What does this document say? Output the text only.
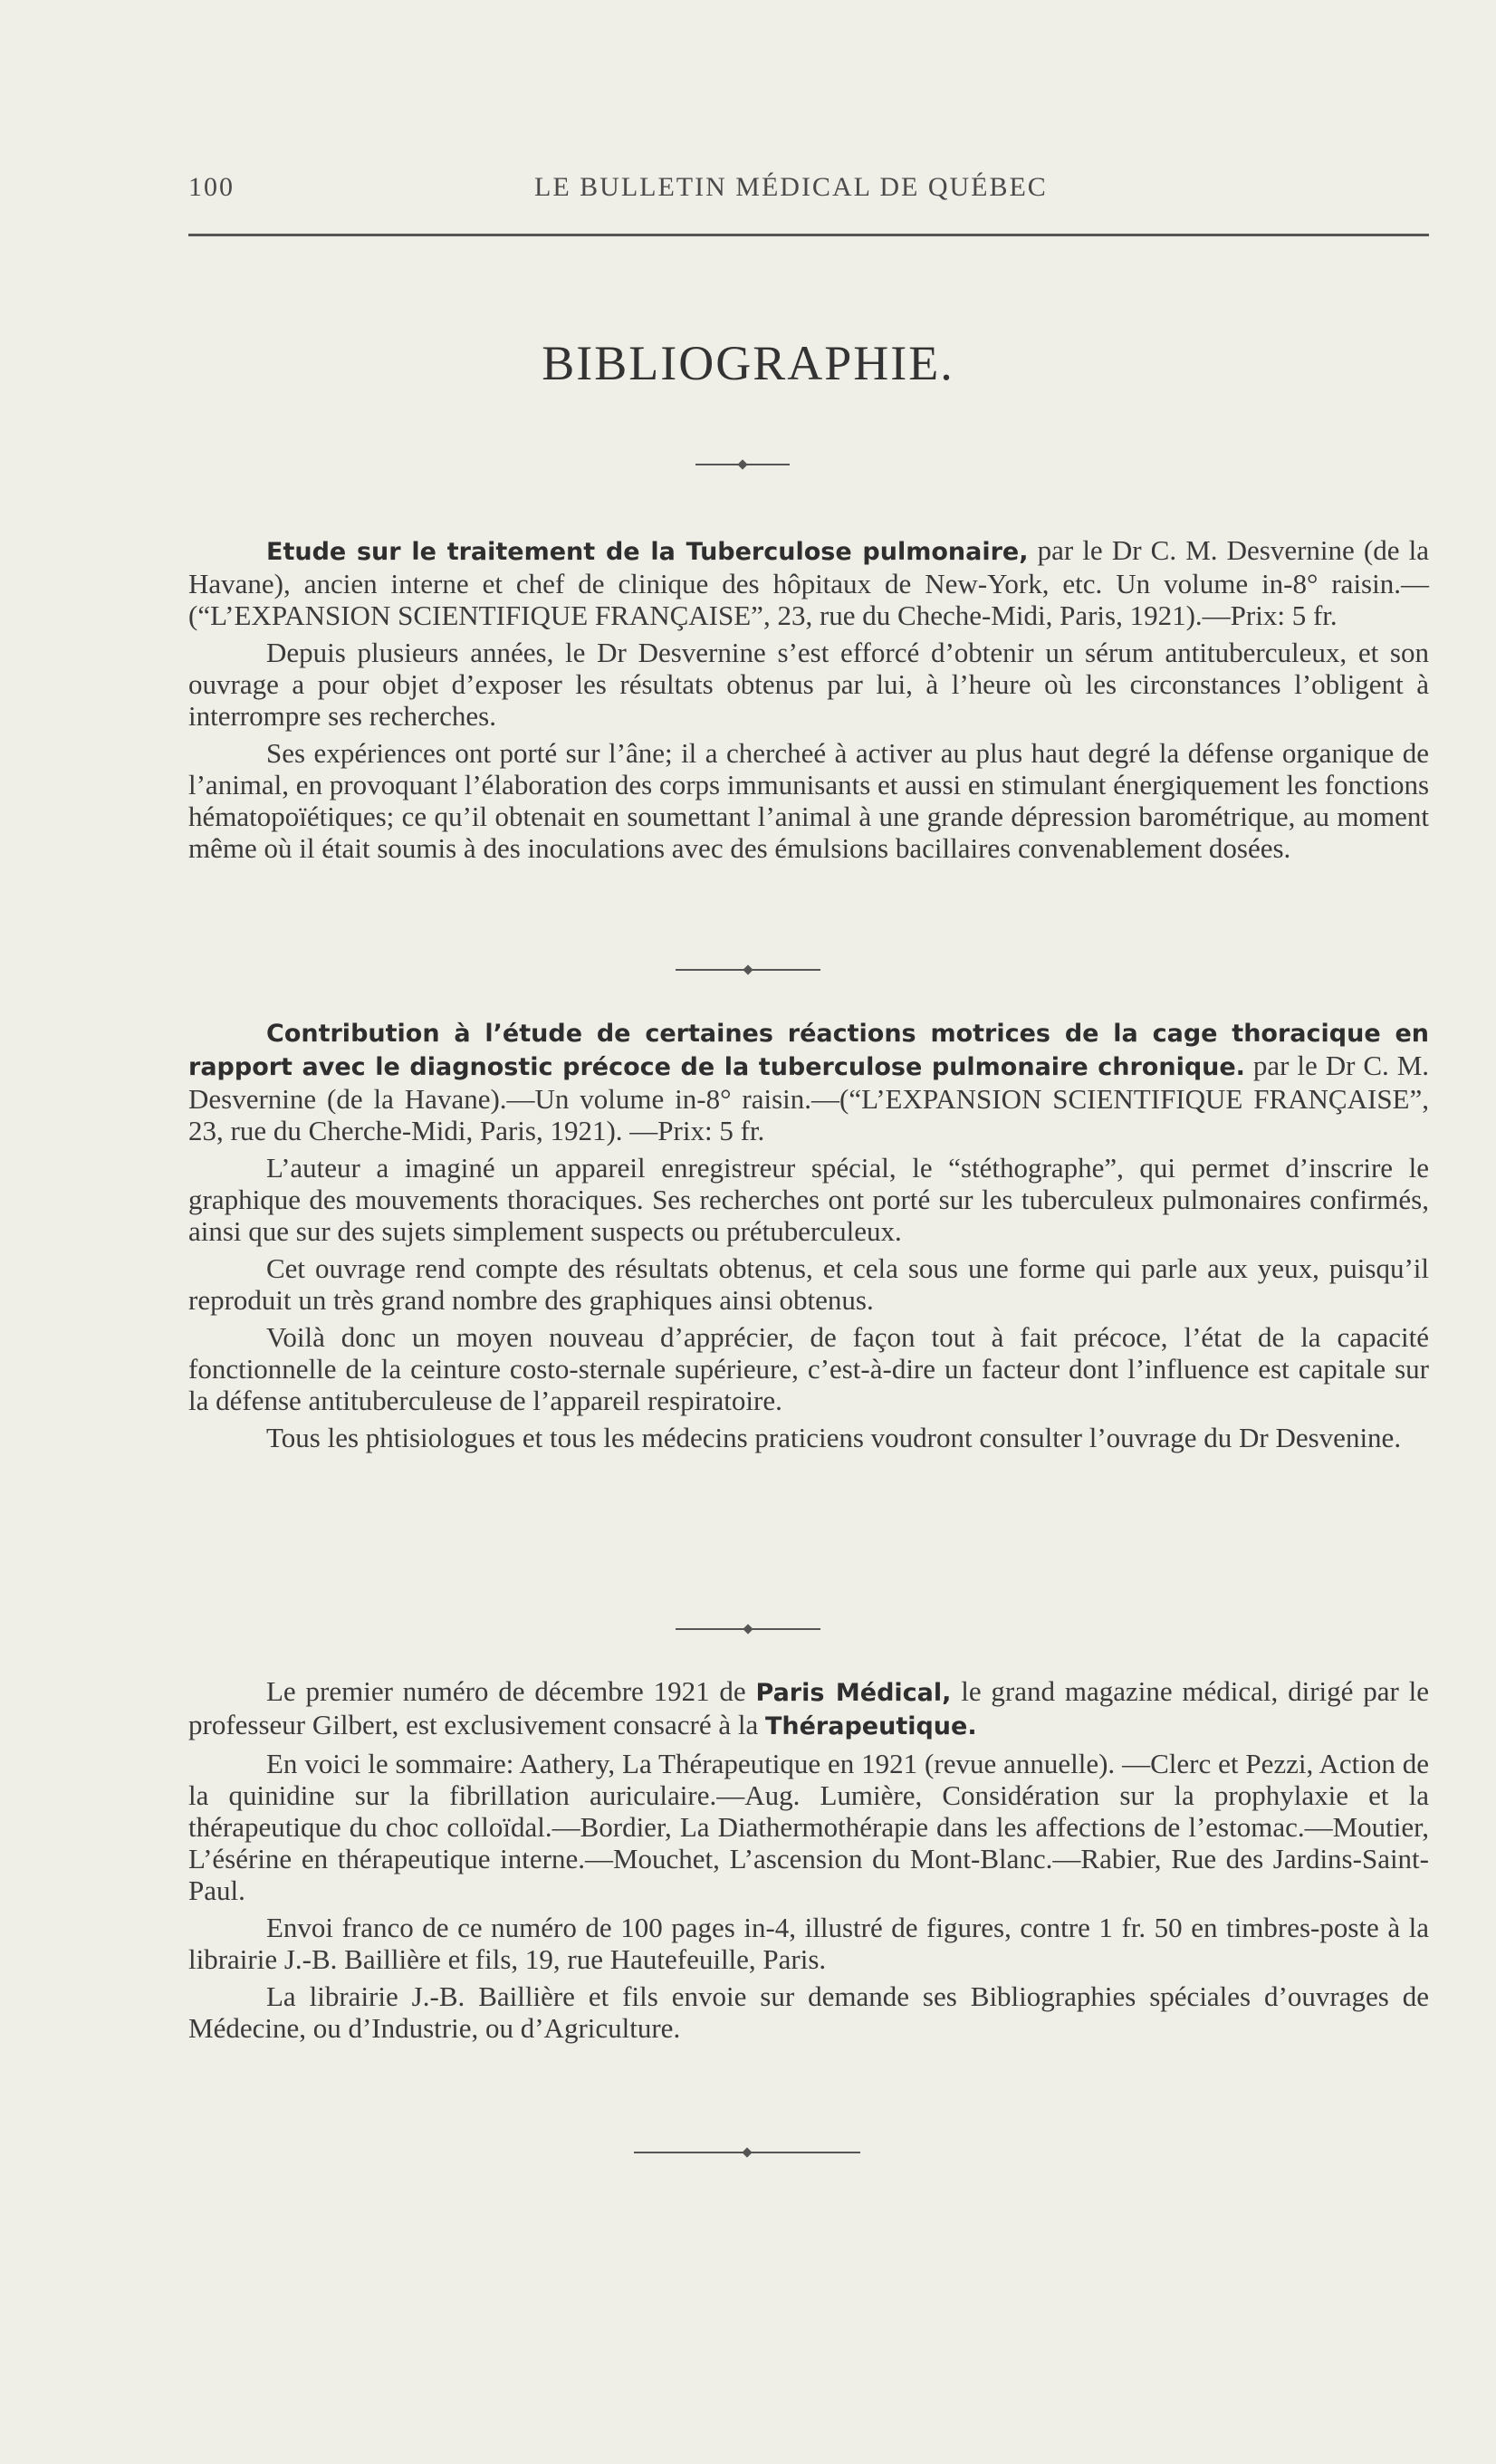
100	LE BULLETIN MÉDICAL DE QUÉBEC
BIBLIOGRAPHIE.

Etude sur le traitement de la Tuberculose pulmonaire, par le Dr C. M. Desvernine (de la Havane), ancien interne et chef de clinique des hôpitaux de New-York, etc. Un volume in-8° raisin.—(“L’EXPANSION SCIENTIFIQUE FRANÇAISE”, 23, rue du Cheche-Midi, Paris, 1921).—Prix: 5 fr.

Depuis plusieurs années, le Dr Desvernine s’est efforcé d’obtenir un sérum antituberculeux, et son ouvrage a pour objet d’exposer les résultats obtenus par lui, à l’heure où les circonstances l’obligent à interrompre ses recherches.

Ses expériences ont porté sur l’âne; il a chercheé à activer au plus haut degré la défense organique de l’animal, en provoquant l’élaboration des corps immunisants et aussi en stimulant énergiquement les fonctions hématopoïétiques; ce qu’il obtenait en soumettant l’animal à une grande dépression barométrique, au moment même où il était soumis à des inoculations avec des émulsions bacillaires convenablement dosées.

Contribution à l’étude de certaines réactions motrices de la cage thoracique en rapport avec le diagnostic précoce de la tuberculose pulmonaire chronique. par le Dr C. M. Desvernine (de la Havane).—Un volume in-8° raisin.—(“L’EXPANSION SCIENTIFIQUE FRANÇAISE”, 23, rue du Cherche-Midi, Paris, 1921). —Prix: 5 fr.

L’auteur a imaginé un appareil enregistreur spécial, le “stéthographe”, qui permet d’inscrire le graphique des mouvements thoraciques. Ses recherches ont porté sur les tuberculeux pulmonaires confirmés, ainsi que sur des sujets simplement suspects ou prétuberculeux.

Cet ouvrage rend compte des résultats obtenus, et cela sous une forme qui parle aux yeux, puisqu’il reproduit un très grand nombre des graphiques ainsi obtenus.

Voilà donc un moyen nouveau d’apprécier, de façon tout à fait précoce, l’état de la capacité fonctionnelle de la ceinture costo-sternale supérieure, c’est-à-dire un facteur dont l’influence est capitale sur la défense antituberculeuse de l’appareil respiratoire.

Tous les phtisiologues et tous les médecins praticiens voudront consulter l’ouvrage du Dr Desvenine.

Le premier numéro de décembre 1921 de Paris Médical, le grand magazine médical, dirigé par le professeur Gilbert, est exclusivement consacré à la Thérapeutique.

En voici le sommaire: Aathery, La Thérapeutique en 1921 (revue annuelle). —Clerc et Pezzi, Action de la quinidine sur la fibrillation auriculaire.—Aug. Lumière, Considération sur la prophylaxie et la thérapeutique du choc colloïdal.—Bordier, La Diathermothérapie dans les affections de l’estomac.—Moutier, L’ésérine en thérapeutique interne.—Mouchet, L’ascension du Mont-Blanc.—Rabier, Rue des Jardins-Saint-Paul.

Envoi franco de ce numéro de 100 pages in-4, illustré de figures, contre 1 fr. 50 en timbres-poste à la librairie J.-B. Baillière et fils, 19, rue Hautefeuille, Paris.

La librairie J.-B. Baillière et fils envoie sur demande ses Bibliographies spéciales d’ouvrages de Médecine, ou d’Industrie, ou d’Agriculture.
